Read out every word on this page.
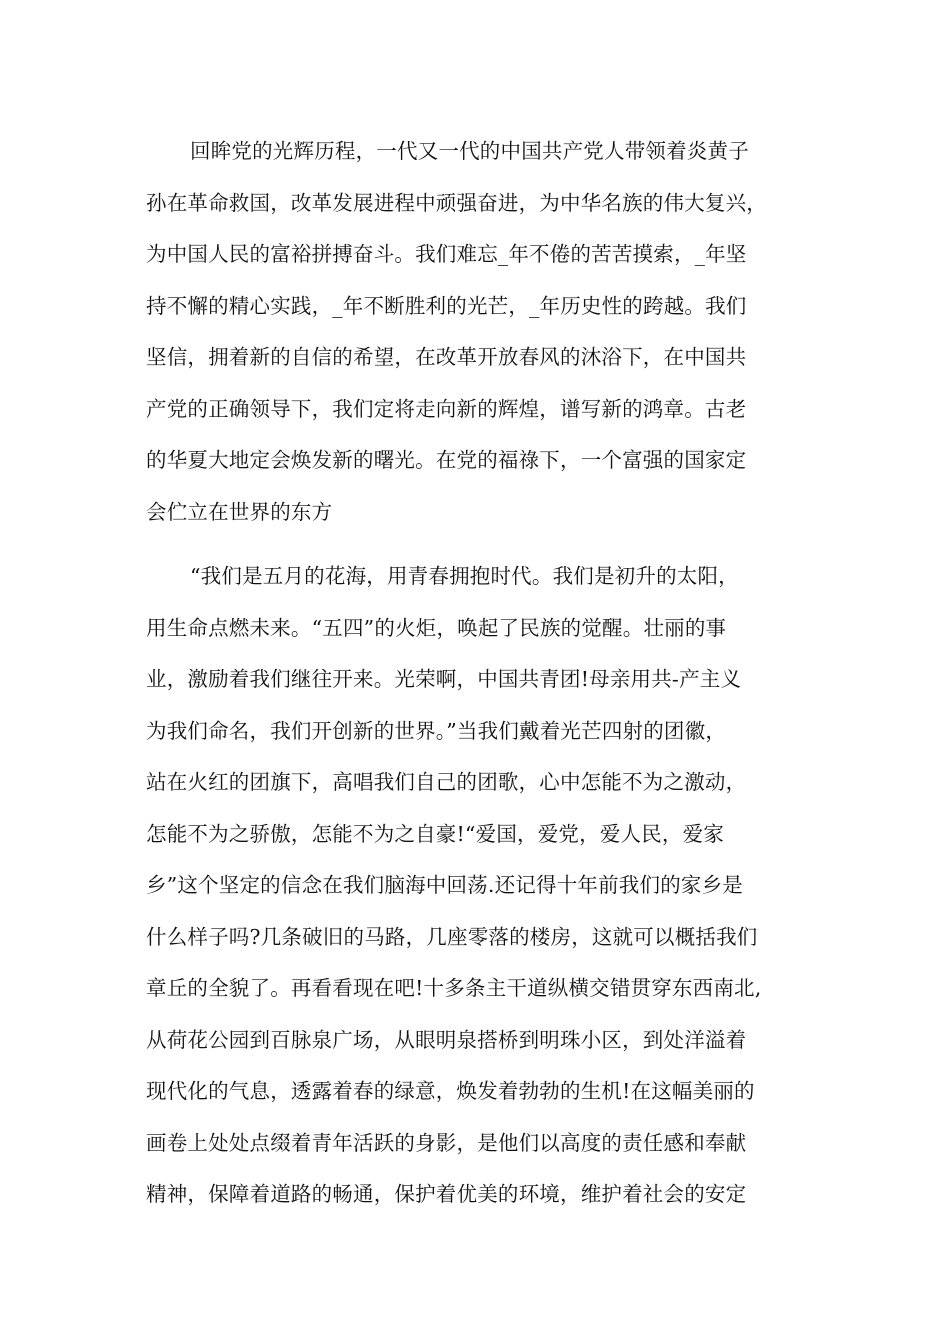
回眸党的光辉历程，一代又一代的中国共产党人带领着炎黄子
孙在革命救国，改革发展进程中顽强奋进，为中华名族的伟大复兴，
为中国人民的富裕拼搏奋斗。我们难忘_年不倦的苦苦摸索，_年坚
持不懈的精心实践，_年不断胜利的光芒，_年历史性的跨越。我们
坚信，拥着新的自信的希望，在改革开放春风的沐浴下，在中国共
产党的正确领导下，我们定将走向新的辉煌，谱写新的鸿章。古老
的华夏大地定会焕发新的曙光。在党的福祿下，一个富强的国家定
会伫立在世界的东方
“我们是五月的花海，用青春拥抱时代。我们是初升的太阳，
用生命点燃未来。“五四”的火炬，唤起了民族的觉醒。壮丽的事
业，激励着我们继往开来。光荣啊，中国共青团!母亲用共-产主义
为我们命名，我们开创新的世界。”当我们戴着光芒四射的团徽，
站在火红的团旗下，高唱我们自己的团歌，心中怎能不为之激动，
怎能不为之骄傲，怎能不为之自豪!“爱国，爱党，爱人民，爱家
乡”这个坚定的信念在我们脑海中回荡.还记得十年前我们的家乡是
什么样子吗?几条破旧的马路，几座零落的楼房，这就可以概括我们
章丘的全貌了。再看看现在吧!十多条主干道纵横交错贯穿东西南北,
从荷花公园到百脉泉广场，从眼明泉搭桥到明珠小区，到处洋溢着
现代化的气息，透露着春的绿意，焕发着勃勃的生机!在这幅美丽的
画卷上处处点缀着青年活跃的身影，是他们以高度的责任感和奉献
精神，保障着道路的畅通，保护着优美的环境，维护着社会的安定
